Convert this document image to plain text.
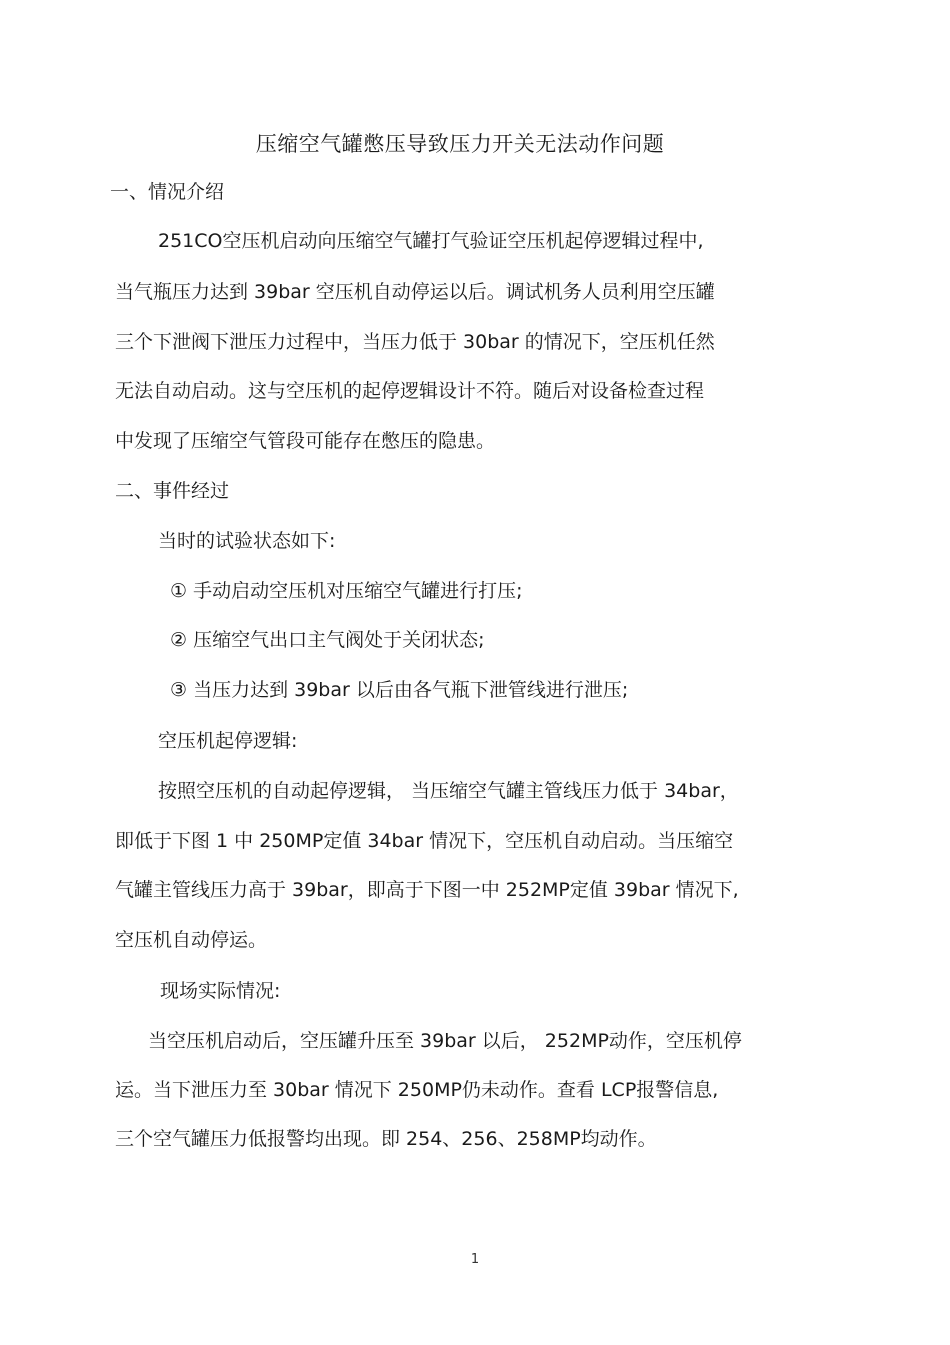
压缩空气罐憋压导致压力开关无法动作问题
一、情况介绍
251CO空压机启动向压缩空气罐打气验证空压机起停逻辑过程中,
当气瓶压力达到 39bar 空压机自动停运以后。调试机务人员利用空压罐
三个下泄阀下泄压力过程中，当压力低于 30bar 的情况下，空压机任然
无法自动启动。这与空压机的起停逻辑设计不符。随后对设备检查过程
中发现了压缩空气管段可能存在憋压的隐患。
二、事件经过
当时的试验状态如下:
① 手动启动空压机对压缩空气罐进行打压;
② 压缩空气出口主气阀处于关闭状态;
③ 当压力达到 39bar 以后由各气瓶下泄管线进行泄压;
空压机起停逻辑:
按照空压机的自动起停逻辑， 当压缩空气罐主管线压力低于 34bar，
即低于下图 1 中 250MP定值 34bar 情况下，空压机自动启动。当压缩空
气罐主管线压力高于 39bar，即高于下图一中 252MP定值 39bar 情况下,
空压机自动停运。
现场实际情况:
当空压机启动后，空压罐升压至 39bar 以后， 252MP动作，空压机停
运。当下泄压力至 30bar 情况下 250MP仍未动作。查看 LCP报警信息,
三个空气罐压力低报警均出现。即 254、256、258MP均动作。
1
